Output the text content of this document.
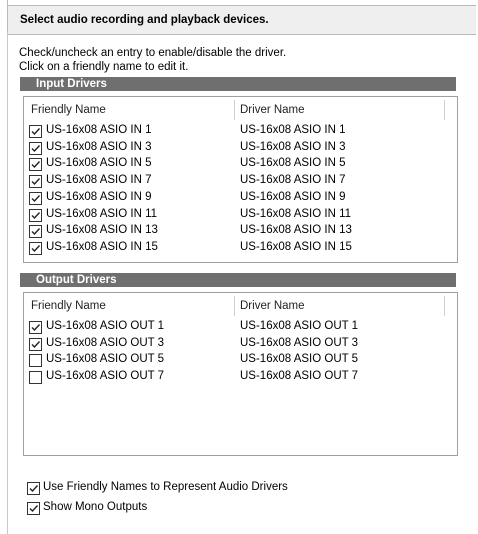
Select audio recording and playback devices.
Check/uncheck an entry to enable/disable the driver.
Click on a friendly name to edit it.
Input Drivers
Friendly Name	Driver Name
US-16x08 ASIO IN 1	US-16x08 ASIO IN 1
US-16x08 ASIO IN 3	US-16x08 ASIO IN 3
US-16x08 ASIO IN 5	US-16x08 ASIO IN 5
US-16x08 ASIO IN 7	US-16x08 ASIO IN 7
US-16x08 ASIO IN 9	US-16x08 ASIO IN 9
US-16x08 ASIO IN 11	US-16x08 ASIO IN 11
US-16x08 ASIO IN 13	US-16x08 ASIO IN 13
US-16x08 ASIO IN 15	US-16x08 ASIO IN 15
Output Drivers
Friendly Name	Driver Name
US-16x08 ASIO OUT 1	US-16x08 ASIO OUT 1
US-16x08 ASIO OUT 3	US-16x08 ASIO OUT 3
US-16x08 ASIO OUT 5	US-16x08 ASIO OUT 5
US-16x08 ASIO OUT 7	US-16x08 ASIO OUT 7
Use Friendly Names to Represent Audio Drivers
Show Mono Outputs
